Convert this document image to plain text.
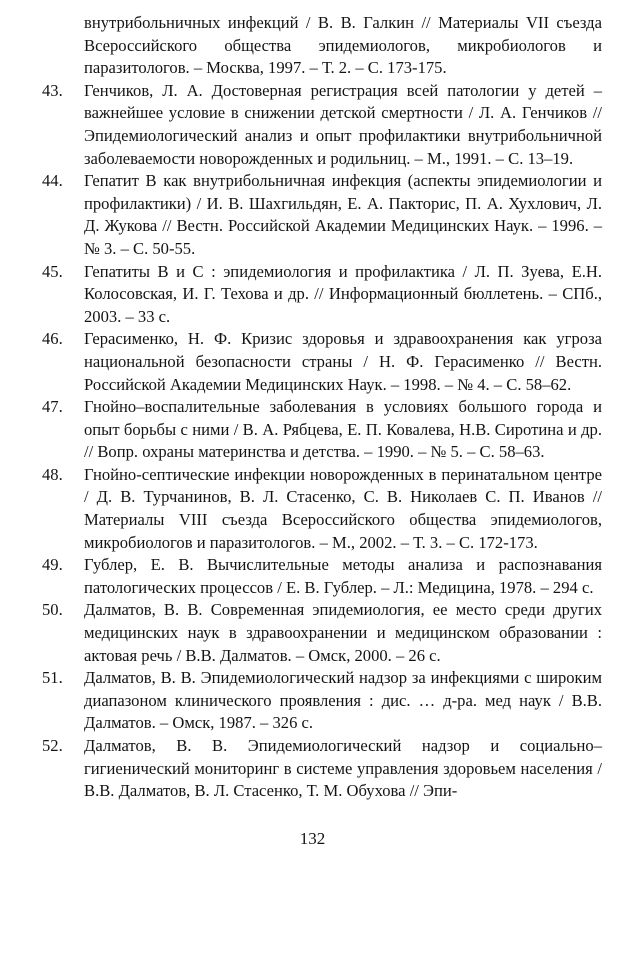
внутрибольничных инфекций / В. В. Галкин // Материалы VII съезда Всероссийского общества эпидемиологов, микробиологов и паразитологов. – Москва, 1997. – Т. 2. – С. 173-175.
43.	Генчиков, Л. А. Достоверная регистрация всей патологии у детей – важнейшее условие в снижении детской смертности / Л. А. Генчиков // Эпидемиологический анализ и опыт профилактики внутрибольничной заболеваемости новорожденных и родильниц. – М., 1991. – С. 13–19.
44.	Гепатит В как внутрибольничная инфекция (аспекты эпидемиологии и профилактики) / И. В. Шахгильдян, Е. А. Пакторис, П. А. Хухлович, Л. Д. Жукова // Вестн. Российской Академии Медицинских Наук. – 1996. – № 3. – С. 50-55.
45.	Гепатиты В и С : эпидемиология и профилактика / Л. П. Зуева, Е.Н. Колосовская, И. Г. Техова и др. // Информационный бюллетень. – СПб., 2003. – 33 с.
46.	Герасименко, Н. Ф. Кризис здоровья и здравоохранения как угроза национальной безопасности страны / Н. Ф. Герасименко // Вестн. Российской Академии Медицинских Наук. – 1998. – № 4. – С. 58–62.
47.	Гнойно–воспалительные заболевания в условиях большого города и опыт борьбы с ними / В. А. Рябцева, Е. П. Ковалева, Н.В. Сиротина и др. // Вопр. охраны материнства и детства. – 1990. – № 5. – С. 58–63.
48.	Гнойно-септические инфекции новорожденных в перинатальном центре / Д. В. Турчанинов, В. Л. Стасенко, С. В. Николаев С. П. Иванов // Материалы VIII съезда Всероссийского общества эпидемиологов, микробиологов и паразитологов. – М., 2002. – Т. 3. – С. 172-173.
49.	Гублер, Е. В. Вычислительные методы анализа и распознавания патологических процессов / Е. В. Гублер. – Л.: Медицина, 1978. – 294 с.
50.	Далматов, В. В. Современная эпидемиология, ее место среди других медицинских наук в здравоохранении и медицинском образовании : актовая речь / В.В. Далматов. – Омск, 2000. – 26 с.
51.	Далматов, В. В. Эпидемиологический надзор за инфекциями с широким диапазоном клинического проявления : дис. … д-ра. мед наук / В.В. Далматов. – Омск, 1987. – 326 с.
52.	Далматов, В. В. Эпидемиологический надзор и социально–гигиенический мониторинг в системе управления здоровьем населения / В.В. Далматов, В. Л. Стасенко, Т. М. Обухова // Эпи-
132
